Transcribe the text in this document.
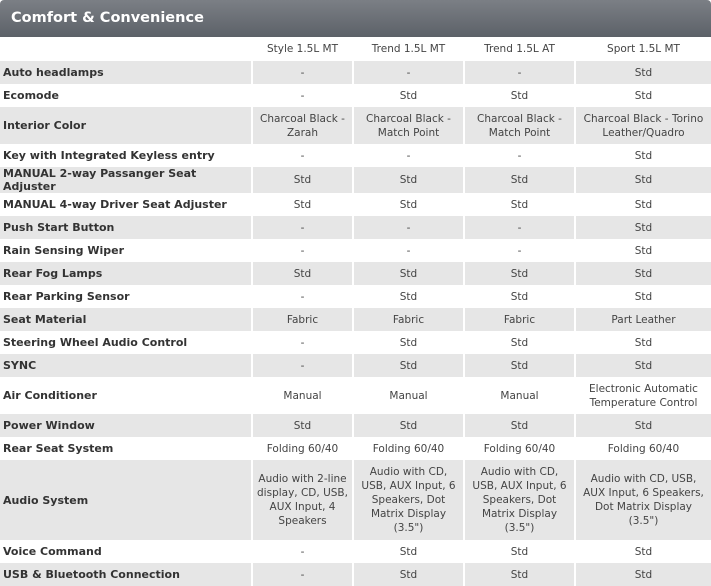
Comfort & Convenience
	Style 1.5L MT	Trend 1.5L MT	Trend 1.5L AT	Sport 1.5L MT
Auto headlamps	-	-	-	Std
Ecomode	-	Std	Std	Std
Interior Color	Charcoal Black - Zarah	Charcoal Black - Match Point	Charcoal Black - Match Point	Charcoal Black - Torino Leather/Quadro
Key with Integrated Keyless entry	-	-	-	Std
MANUAL 2-way Passanger Seat Adjuster	Std	Std	Std	Std
MANUAL 4-way Driver Seat Adjuster	Std	Std	Std	Std
Push Start Button	-	-	-	Std
Rain Sensing Wiper	-	-	-	Std
Rear Fog Lamps	Std	Std	Std	Std
Rear Parking Sensor	-	Std	Std	Std
Seat Material	Fabric	Fabric	Fabric	Part Leather
Steering Wheel Audio Control	-	Std	Std	Std
SYNC	-	Std	Std	Std
Air Conditioner	Manual	Manual	Manual	Electronic Automatic Temperature Control
Power Window	Std	Std	Std	Std
Rear Seat System	Folding 60/40	Folding 60/40	Folding 60/40	Folding 60/40
Audio System	Audio with 2-line display, CD, USB, AUX Input, 4 Speakers	Audio with CD, USB, AUX Input, 6 Speakers, Dot Matrix Display (3.5")	Audio with CD, USB, AUX Input, 6 Speakers, Dot Matrix Display (3.5")	Audio with CD, USB, AUX Input, 6 Speakers, Dot Matrix Display (3.5")
Voice Command	-	Std	Std	Std
USB & Bluetooth Connection	-	Std	Std	Std
